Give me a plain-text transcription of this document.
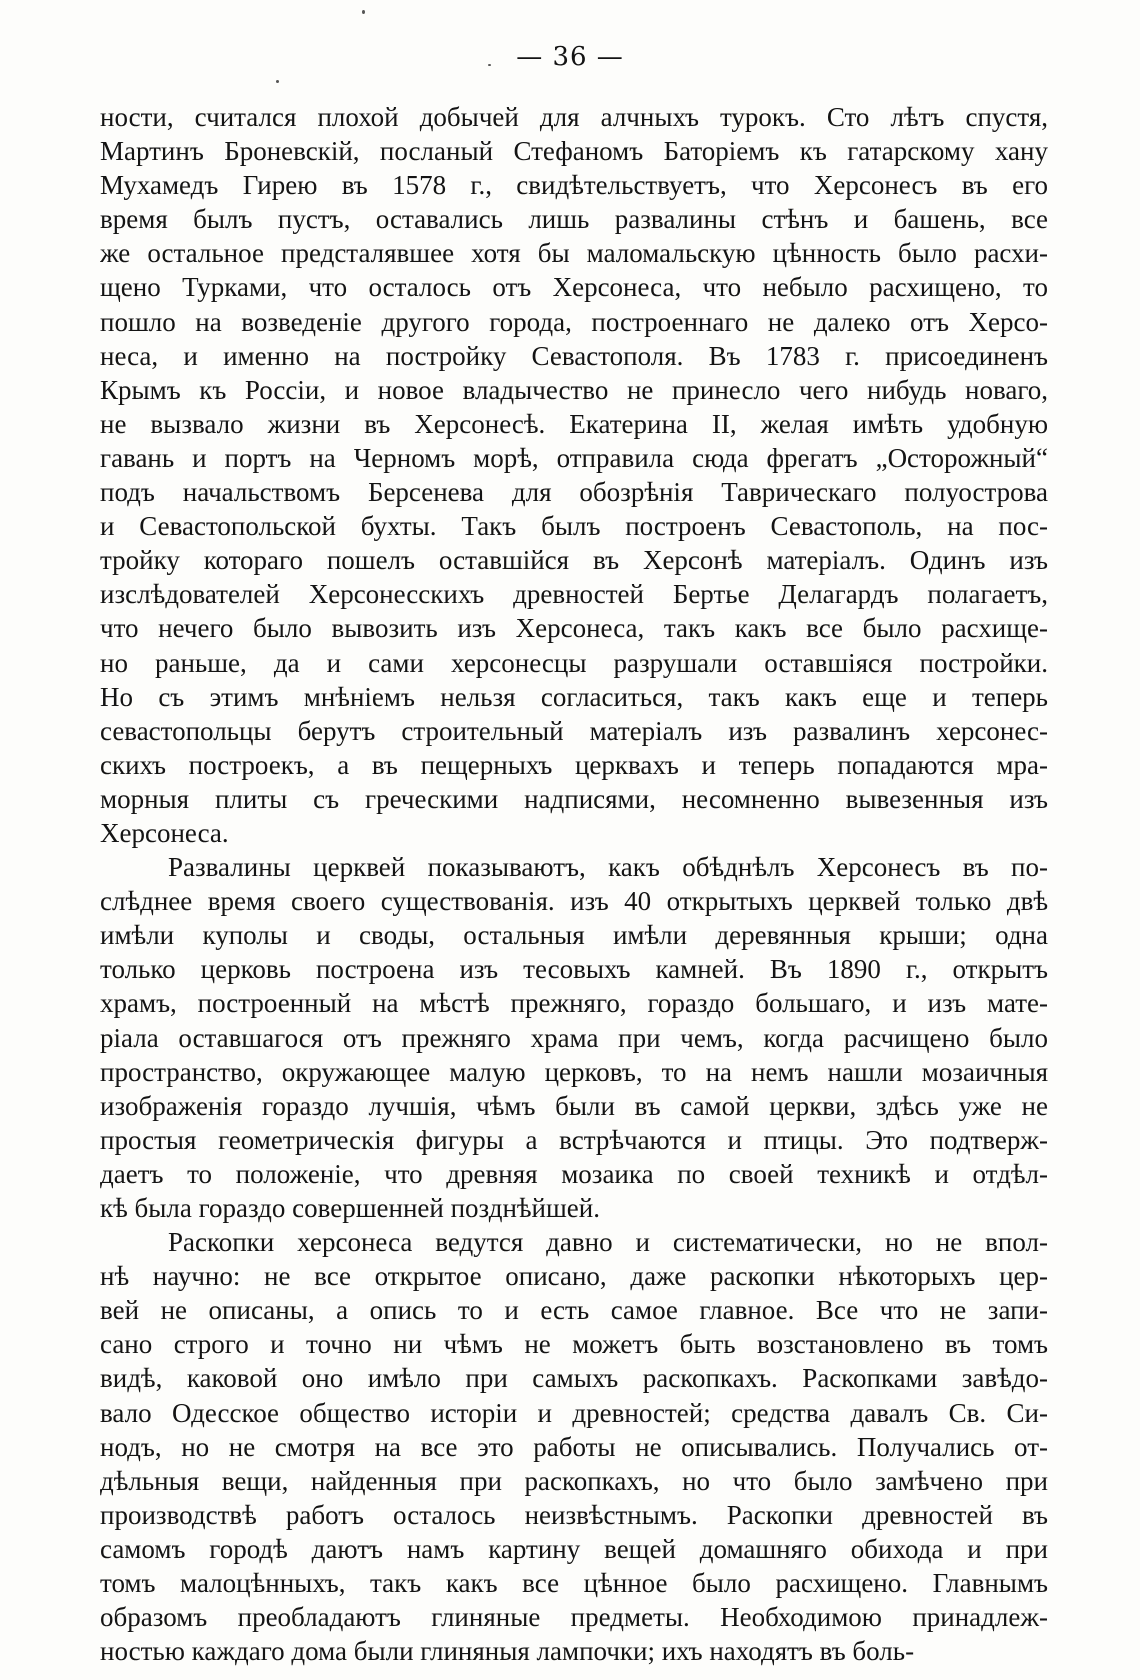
— 36 —
ности, считался плохой добычей для алчныхъ турокъ. Сто лѣтъ спустя,
Мартинъ Броневскій, посланый Стефаномъ Баторіемъ къ гатарскому хану
Мухамедъ Гирею въ 1578 г., свидѣтельствуетъ, что Херсонесъ въ его
время былъ пустъ, оставались лишь развалины стѣнъ и башень, все
же остальное предсталявшее хотя бы маломальскую цѣнность было расхи-
щено Турками, что осталось отъ Херсонеса, что небыло расхищено, то
пошло на возведеніе другого города, построеннаго не далеко отъ Херсо-
неса, и именно на постройку Севастополя. Въ 1783 г. присоединенъ
Крымъ къ Россіи, и новое владычество не принесло чего нибудь новаго,
не вызвало жизни въ Херсонесѣ. Екатерина II, желая имѣть удобную
гавань и портъ на Черномъ морѣ, отправила сюда фрегатъ „Осторожный“
подъ начальствомъ Берсенева для обозрѣнія Таврическаго полуострова
и Севастопольской бухты. Такъ былъ построенъ Севастополь, на пос-
тройку котораго пошелъ оставшійся въ Херсонѣ матеріалъ. Одинъ изъ
изслѣдователей Херсонесскихъ древностей Бертье Делагардъ полагаетъ,
что нечего было вывозить изъ Херсонеса, такъ какъ все было расхище-
но раньше, да и сами херсонесцы разрушали оставшіяся постройки.
Но съ этимъ мнѣніемъ нельзя согласиться, такъ какъ еще и теперь
севастопольцы берутъ строительный матеріалъ изъ развалинъ херсонес-
скихъ построекъ, а въ пещерныхъ церквахъ и теперь попадаются мра-
морныя плиты съ греческими надписями, несомненно вывезенныя изъ
Херсонеса.
Развалины церквей показываютъ, какъ обѣднѣлъ Херсонесъ въ по-
слѣднее время своего существованія. изъ 40 открытыхъ церквей только двѣ
имѣли куполы и своды, остальныя имѣли деревянныя крыши; одна
только церковь построена изъ тесовыхъ камней. Въ 1890 г., открытъ
храмъ, построенный на мѣстѣ прежняго, гораздо большаго, и изъ мате-
ріала оставшагося отъ прежняго храма при чемъ, когда расчищено было
пространство, окружающее малую церковъ, то на немъ нашли мозаичныя
изображенія гораздо лучшія, чѣмъ были въ самой церкви, здѣсь уже не
простыя геометрическія фигуры а встрѣчаются и птицы. Это подтверж-
даетъ то положеніе, что древняя мозаика по своей техникѣ и отдѣл-
кѣ была гораздо совершенней позднѣйшей.
Раскопки херсонеса ведутся давно и систематически, но не впол-
нѣ научно: не все открытое описано, даже раскопки нѣкоторыхъ цер-
вей не описаны, а опись то и есть самое главное. Все что не запи-
сано строго и точно ни чѣмъ не можетъ быть возстановлено въ томъ
видѣ, каковой оно имѣло при самыхъ раскопкахъ. Раскопками завѣдо-
вало Одесское общество исторіи и древностей; средства давалъ Св. Си-
нодъ, но не смотря на все это работы не описывались. Получались от-
дѣльныя вещи, найденныя при раскопкахъ, но что было замѣчено при
производствѣ работъ осталось неизвѣстнымъ. Раскопки древностей въ
самомъ городѣ даютъ намъ картину вещей домашняго обихода и при
томъ малоцѣнныхъ, такъ какъ все цѣнное было расхищено. Главнымъ
образомъ преобладаютъ глиняные предметы. Необходимою принадлеж-
ностью каждаго дома были глиняныя лампочки; ихъ находятъ въ боль-
